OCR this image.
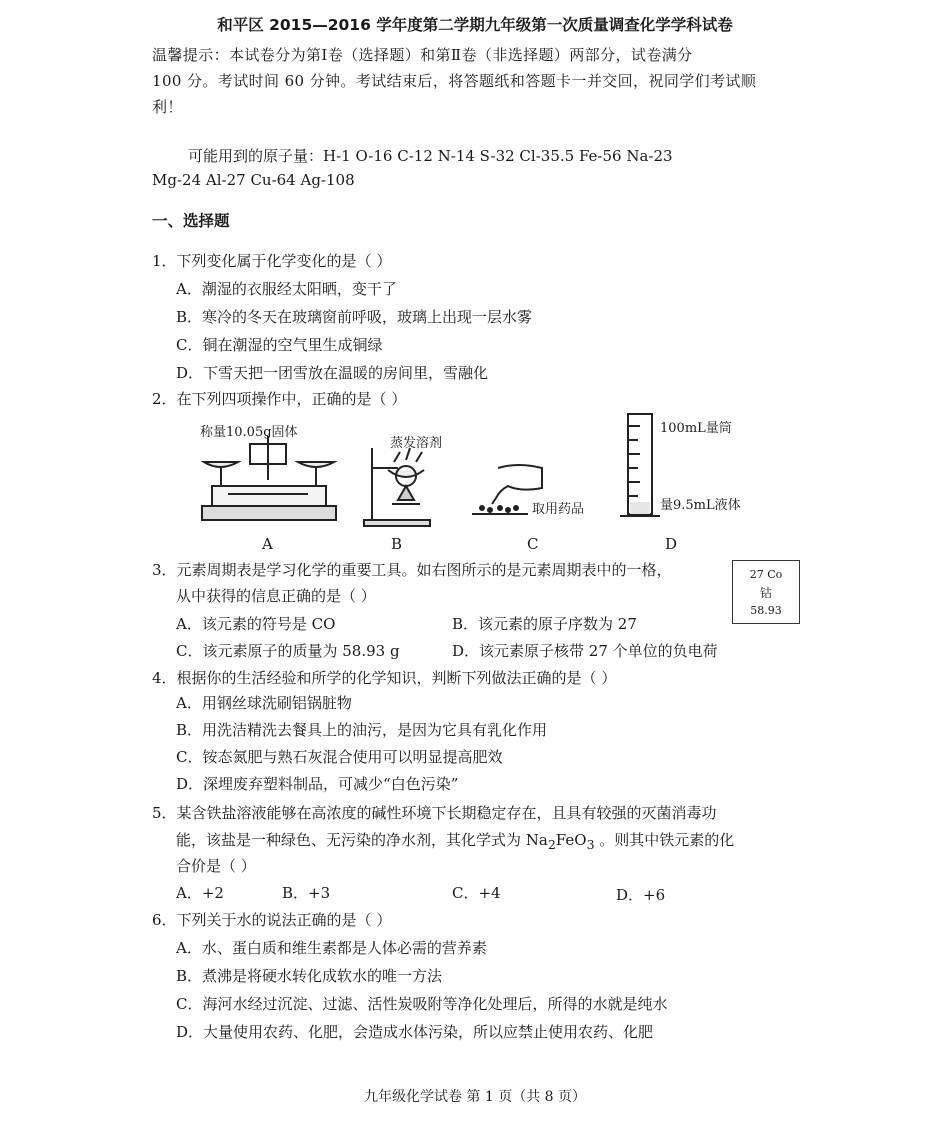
和平区 2015—2016 学年度第二学期九年级第一次质量调查化学学科试卷
温馨提示：本试卷分为第Ⅰ卷（选择题）和第Ⅱ卷（非选择题）两部分，试卷满分
100 分。考试时间 60 分钟。考试结束后，将答题纸和答题卡一并交回，祝同学们考试顺
利！
可能用到的原子量：H-1 O-16 C-12 N-14 S-32 Cl-35.5 Fe-56 Na-23
Mg-24 Al-27 Cu-64 Ag-108
一、选择题
1．下列变化属于化学变化的是（ ）
A．潮湿的衣服经太阳晒，变干了
B．寒冷的冬天在玻璃窗前呼吸，玻璃上出现一层水雾
C．铜在潮湿的空气里生成铜绿
D．下雪天把一团雪放在温暖的房间里，雪融化
2．在下列四项操作中，正确的是（ ）
称量10.05g固体
蒸发溶剂
取用药品
100mL量筒
量9.5mL液体
A	B	C	D
3．元素周期表是学习化学的重要工具。如右图所示的是元素周期表中的一格，
从中获得的信息正确的是（ ）
A．该元素的符号是 CO	B．该元素的原子序数为 27
C．该元素原子的质量为 58.93 g	D．该元素原子核带 27 个单位的负电荷
27 Co
钴
58.93
4．根据你的生活经验和所学的化学知识，判断下列做法正确的是（ ）
A．用钢丝球洗刷铝锅脏物
B．用洗洁精洗去餐具上的油污，是因为它具有乳化作用
C．铵态氮肥与熟石灰混合使用可以明显提高肥效
D．深埋废弃塑料制品，可减少“白色污染”
5．某含铁盐溶液能够在高浓度的碱性环境下长期稳定存在，且具有较强的灭菌消毒功
能，该盐是一种绿色、无污染的净水剂，其化学式为 $Na_2FeO_3$ 。则其中铁元素的化
合价是（ ）
A．+2	B．+3	C．+4	D．+6
6．下列关于水的说法正确的是（ ）
A．水、蛋白质和维生素都是人体必需的营养素
B．煮沸是将硬水转化成软水的唯一方法
C．海河水经过沉淀、过滤、活性炭吸附等净化处理后，所得的水就是纯水
D．大量使用农药、化肥，会造成水体污染，所以应禁止使用农药、化肥
九年级化学试卷 第 1 页（共 8 页）
